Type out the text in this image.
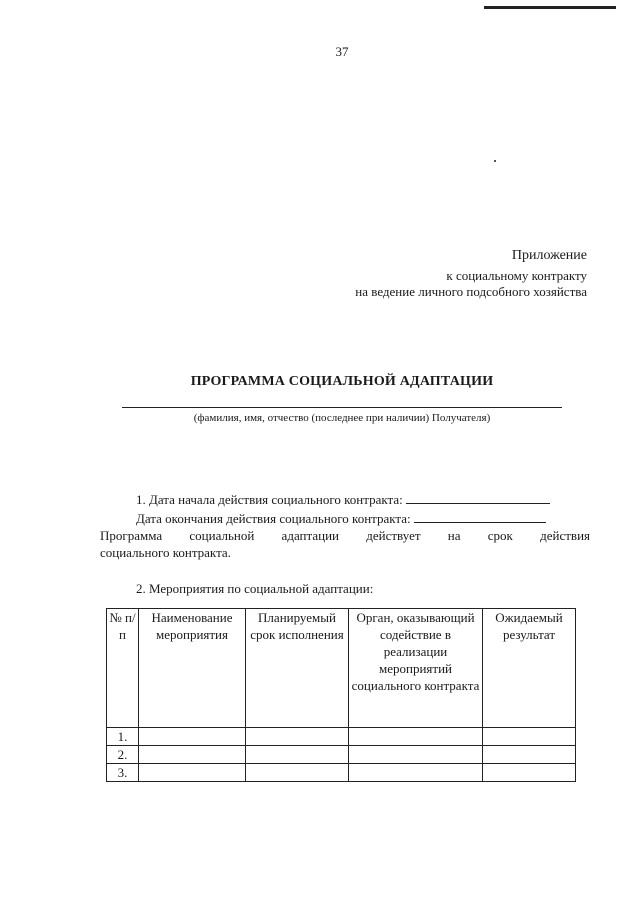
37
Приложение
к социальному контракту
на ведение личного подсобного хозяйства
ПРОГРАММА СОЦИАЛЬНОЙ АДАПТАЦИИ
(фамилия, имя, отчество (последнее при наличии) Получателя)
1. Дата начала действия социального контракта:
Дата окончания действия социального контракта:
Программа социальной адаптации действует на срок действия
социального контракта.
2. Мероприятия по социальной адаптации:
№ п/п	Наименование мероприятия	Планируемый срок исполнения	Орган, оказывающий содействие в реализации мероприятий социального контракта	Ожидаемый результат
1.				
2.				
3.				
